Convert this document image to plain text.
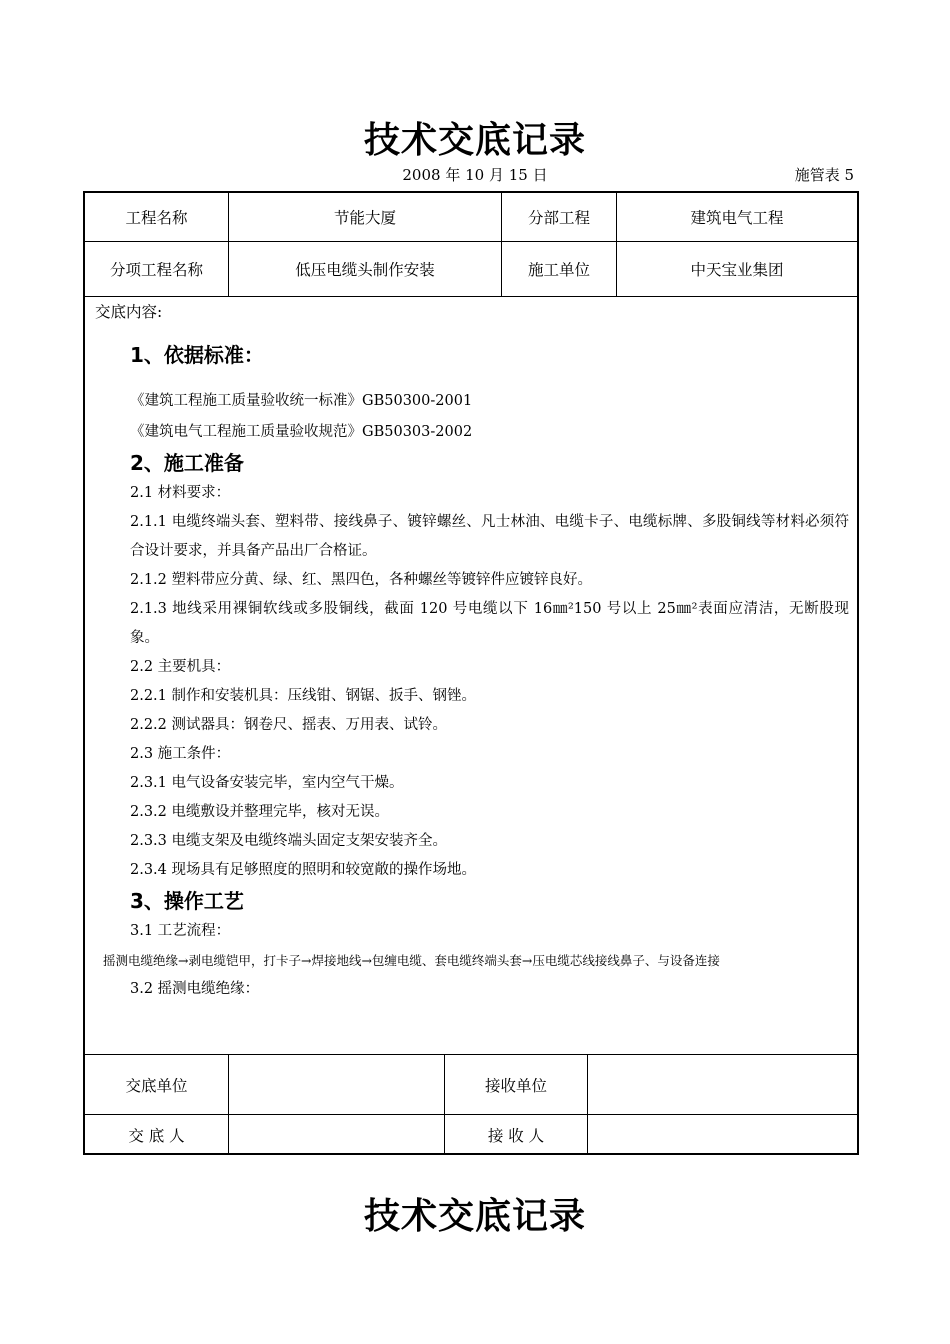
技术交底记录
2008 年 10 月 15 日	施管表 5
工程名称	节能大厦	分部工程	建筑电气工程
分项工程名称	低压电缆头制作安装	施工单位	中天宝业集团
交底内容:
1、依据标准：
《建筑工程施工质量验收统一标准》GB50300-2001
《建筑电气工程施工质量验收规范》GB50303-2002
2、施工准备
2.1 材料要求：
2.1.1 电缆终端头套、塑料带、接线鼻子、镀锌螺丝、凡士林油、电缆卡子、电缆标牌、多股铜线等材料必须符合设计要求，并具备产品出厂合格证。
2.1.2 塑料带应分黄、绿、红、黑四色，各种螺丝等镀锌件应镀锌良好。
2.1.3 地线采用裸铜软线或多股铜线，截面 120 号电缆以下 16㎜²150 号以上 25㎜²表面应清洁，无断股现象。
2.2 主要机具：
2.2.1 制作和安装机具：压线钳、钢锯、扳手、钢锉。
2.2.2 测试器具：钢卷尺、摇表、万用表、试铃。
2.3 施工条件：
2.3.1 电气设备安装完毕，室内空气干燥。
2.3.2 电缆敷设并整理完毕，核对无误。
2.3.3 电缆支架及电缆终端头固定支架安装齐全。
2.3.4 现场具有足够照度的照明和较宽敞的操作场地。
3、操作工艺
3.1 工艺流程：
摇测电缆绝缘→剥电缆铠甲，打卡子→焊接地线→包缠电缆、套电缆终端头套→压电缆芯线接线鼻子、与设备连接
3.2 摇测电缆绝缘：
交底单位	接收单位
交 底 人	接 收 人
技术交底记录
